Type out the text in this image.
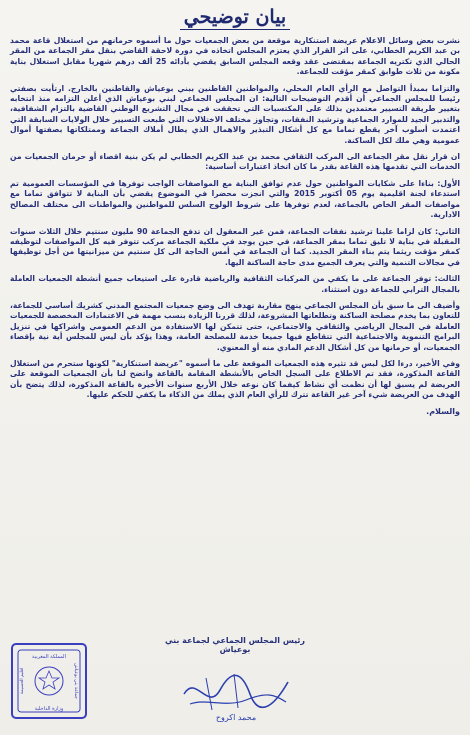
بيان توضيحي

نشرت بعض وسائل الاعلام عريضة استنكارية موقعة من بعض الجمعيات حول ما أسموه حرمانهم من استغلال قاعة محمد بن عبد الكريم الخطابي، على اثر القرار الذي يعتزم المجلس اتخاذه في دورة لاحقة القاضي بنقل مقر الجماعة من المقر الحالي الذي تكتريه الجماعة بمقتضى عقد وقعه المجلس السابق يقضي بأدائه 25 ألف درهم شهريا مقابل استغلال بناية مكونة من ثلاث طوابق كمقر مؤقت للجماعة.

والتزاما بمبدأ التواصل مع الرأي العام المحلي، والمواطنين القاطنين ببني بوعياش والقاطنين بالخارج. ارتأيت بصفتي رئيسا للمجلس الجماعي أن أقدم التوضيحات التالية: ان المجلس الجماعي لبني بوعياش الذي أعلن التزامه منذ انتخابه بتغيير طريقة التسيير معتمدين بذلك على المكتسبات التي تحققت في مجال التشريع الوطني القاضية بالتزام الشفافية، والتدبير الجيد للموارد الجماعية وترشيد النفقات، وتجاوز مختلف الاختلالات التي طبعت التسيير خلال الولايات السابقة التي اعتمدت أسلوب آخر يقطع تماما مع كل أشكال التبذير والاهمال الذي يطال أملاك الجماعة وممتلكاتها بصفتها أموال عمومية وهي ملك لكل الساكنة.

ان قرار نقل مقر الجماعة الى المركب الثقافي محمد بن عبد الكريم الخطابي لم يكن بنية اقصاء أو حرمان الجمعيات من الخدمات التي تقدمها هذه القاعة بقدر ما كان اتخاذ اعتبارات أساسية:

الأول: بناءا على شكايات المواطنين حول عدم توافق البناية مع المواصفات الواجب توفرها في المؤسسات العمومية تم استدعاء لجنة اقليمية يوم 05 أكتوبر 2015 والتي انجزت محضرا في الموضوع يقضي بأن البناية لا تتوافق تماما مع مواصفات المقر الخاص بالجماعة، لعدم توفرها على شروط الولوج السلس للمواطنين والمواطنات الى مختلف المصالح الادارية.

الثاني: كان لزاما علينا ترشيد نفقات الجماعة، فمن غير المعقول ان تدفع الجماعة 90 مليون سنتيم خلال الثلاث سنوات المقبلة في بناية لا تليق تماما بمقر الجماعة، في حين يوجد في ملكية الجماعة مركب تتوفر فيه كل المواصفات لتوظيفه كمقر مؤقت ريثما يتم بناء المقر الجديد. كما أن الجماعة في أمس الحاجة الى كل سنتيم من ميزانيتها من أجل توظيفها في مجالات التنمية والتي يعرف الجميع مدى حاجة الساكنة اليها.

الثالث: توفر الجماعة على ما يكفي من المركبات الثقافية والرياضية قادرة على استيعاب جميع أنشطة الجمعيات العاملة بالمجال الترابي للجماعة دون استثناء.

وأضيف الى ما سبق بأن المجلس الجماعي ينهج مقاربة تهدف الى وضع جمعيات المجتمع المدني كشريك أساسي للجماعة، للتعاون بما يخدم مصلحة الساكنة وتطلعاتها المشروعة، لذلك قررنا الزيادة بنسب مهمة في الاعتمادات المخصصة للجمعيات العاملة في المجال الرياضي والثقافي والاجتماعي، حتى تتمكن لها الاستفادة من الدعم العمومي واشراكها في تنزيل البرامج التنموية والاجتماعية التي تتقاطع فيها جميعا خدمة للمصلحة العامة، وهذا يؤكد بأن ليس للمجلس أية نية بإقصاء الجمعيات، أو حرمانها من كل أشكال الدعم المادي منه أو المعنوي.

وفي الأخير، درءا لكل لبس قد تثيره هذه الجمعيات الموقعة على ما أسموه "عريضة استنكارية" لكونها ستحرم من استغلال القاعة المذكورة، فقد تم الاطلاع على السجل الخاص بالأنشطة المقامة بالقاعة واتضح لنا بأن الجمعيات الموقعة على العريضة لم يسبق لها أن نظمت أي نشاط كيفما كان نوعه خلال الأربع سنوات الأخيرة بالقاعة المذكورة، لذلك يتضح بأن الهدف من العريضة شيء آخر غير القاعة تترك للرأي العام الذي يملك من الذكاء ما يكفي للحكم عليها.

والسلام.
رئيس المجلس الجماعي لجماعة بني بوعياش
محمد اكروح
المملكة المغربية
وزارة الداخلية
اقليم الحسيمة	جماعة بني بوعياش
